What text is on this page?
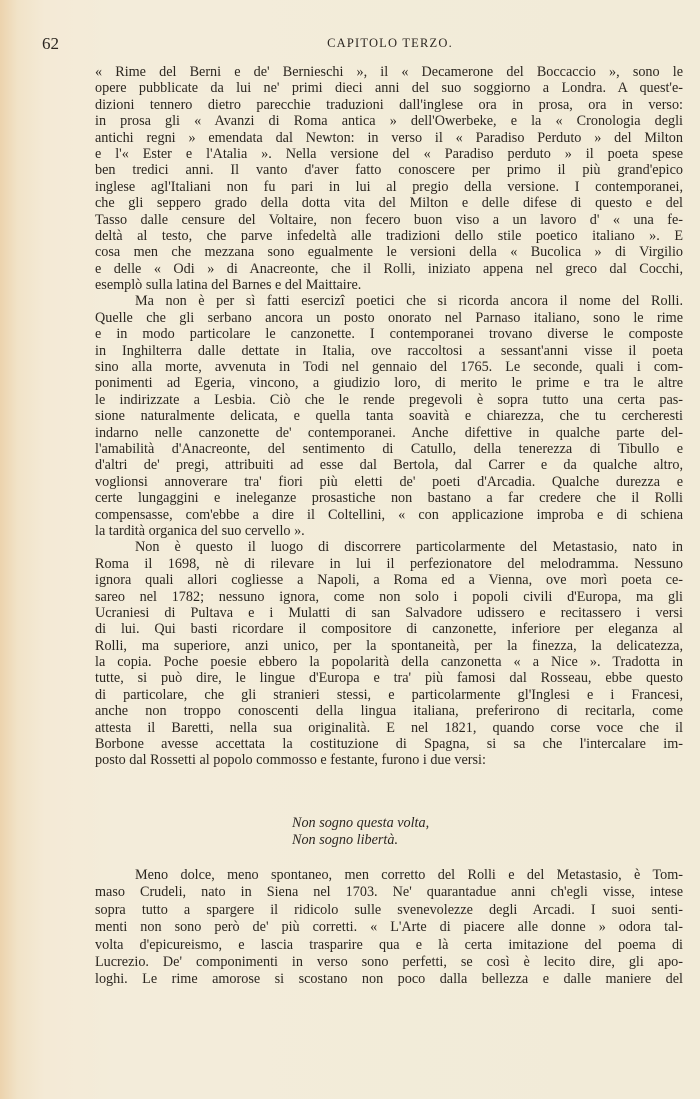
62	CAPITOLO TERZO.
« Rime del Berni e de' Bernieschi », il « Decamerone del Boccaccio », sono le
opere pubblicate da lui ne' primi dieci anni del suo soggiorno a Londra. A quest'e-
dizioni tennero dietro parecchie traduzioni dall'inglese ora in prosa, ora in verso:
in prosa gli « Avanzi di Roma antica » dell'Owerbeke, e la « Cronologia degli
antichi regni » emendata dal Newton: in verso il « Paradiso Perduto » del Milton
e l'« Ester e l'Atalia ». Nella versione del « Paradiso perduto » il poeta spese
ben tredici anni. Il vanto d'aver fatto conoscere per primo il più grand'epico
inglese agl'Italiani non fu pari in lui al pregio della versione. I contemporanei,
che gli seppero grado della dotta vita del Milton e delle difese di questo e del
Tasso dalle censure del Voltaire, non fecero buon viso a un lavoro d' « una fe-
deltà al testo, che parve infedeltà alle tradizioni dello stile poetico italiano ». E
cosa men che mezzana sono egualmente le versioni della « Bucolica » di Virgilio
e delle « Odi » di Anacreonte, che il Rolli, iniziato appena nel greco dal Cocchi,
esemplò sulla latina del Barnes e del Maittaire.
Ma non è per sì fatti esercizî poetici che si ricorda ancora il nome del Rolli.
Quelle che gli serbano ancora un posto onorato nel Parnaso italiano, sono le rime
e in modo particolare le canzonette. I contemporanei trovano diverse le composte
in Inghilterra dalle dettate in Italia, ove raccoltosi a sessant'anni visse il poeta
sino alla morte, avvenuta in Todi nel gennaio del 1765. Le seconde, quali i com-
ponimenti ad Egeria, vincono, a giudizio loro, di merito le prime e tra le altre
le indirizzate a Lesbia. Ciò che le rende pregevoli è sopra tutto una certa pas-
sione naturalmente delicata, e quella tanta soavità e chiarezza, che tu cercheresti
indarno nelle canzonette de' contemporanei. Anche difettive in qualche parte del-
l'amabilità d'Anacreonte, del sentimento di Catullo, della tenerezza di Tibullo e
d'altri de' pregi, attribuiti ad esse dal Bertola, dal Carrer e da qualche altro,
voglionsi annoverare tra' fiori più eletti de' poeti d'Arcadia. Qualche durezza e
certe lungaggini e ineleganze prosastiche non bastano a far credere che il Rolli
compensasse, com'ebbe a dire il Coltellini, « con applicazione improba e di schiena
la tardità organica del suo cervello ».
Non è questo il luogo di discorrere particolarmente del Metastasio, nato in
Roma il 1698, nè di rilevare in lui il perfezionatore del melodramma. Nessuno
ignora quali allori cogliesse a Napoli, a Roma ed a Vienna, ove morì poeta ce-
sareo nel 1782; nessuno ignora, come non solo i popoli civili d'Europa, ma gli
Ucraniesi di Pultava e i Mulatti di san Salvadore udissero e recitassero i versi
di lui. Qui basti ricordare il compositore di canzonette, inferiore per eleganza al
Rolli, ma superiore, anzi unico, per la spontaneità, per la finezza, la delicatezza,
la copia. Poche poesie ebbero la popolarità della canzonetta « a Nice ». Tradotta in
tutte, si può dire, le lingue d'Europa e tra' più famosi dal Rosseau, ebbe questo
di particolare, che gli stranieri stessi, e particolarmente gl'Inglesi e i Francesi,
anche non troppo conoscenti della lingua italiana, preferirono di recitarla, come
attesta il Baretti, nella sua originalità. E nel 1821, quando corse voce che il
Borbone avesse accettata la costituzione di Spagna, si sa che l'intercalare im-
posto dal Rossetti al popolo commosso e festante, furono i due versi:
Non sogno questa volta,
Non sogno libertà.
Meno dolce, meno spontaneo, men corretto del Rolli e del Metastasio, è Tom-
maso Crudeli, nato in Siena nel 1703. Ne' quarantadue anni ch'egli visse, intese
sopra tutto a spargere il ridicolo sulle svenevolezze degli Arcadi. I suoi senti-
menti non sono però de' più corretti. « L'Arte di piacere alle donne » odora tal-
volta d'epicureismo, e lascia trasparire qua e là certa imitazione del poema di
Lucrezio. De' componimenti in verso sono perfetti, se così è lecito dire, gli apo-
loghi. Le rime amorose si scostano non poco dalla bellezza e dalle maniere del
